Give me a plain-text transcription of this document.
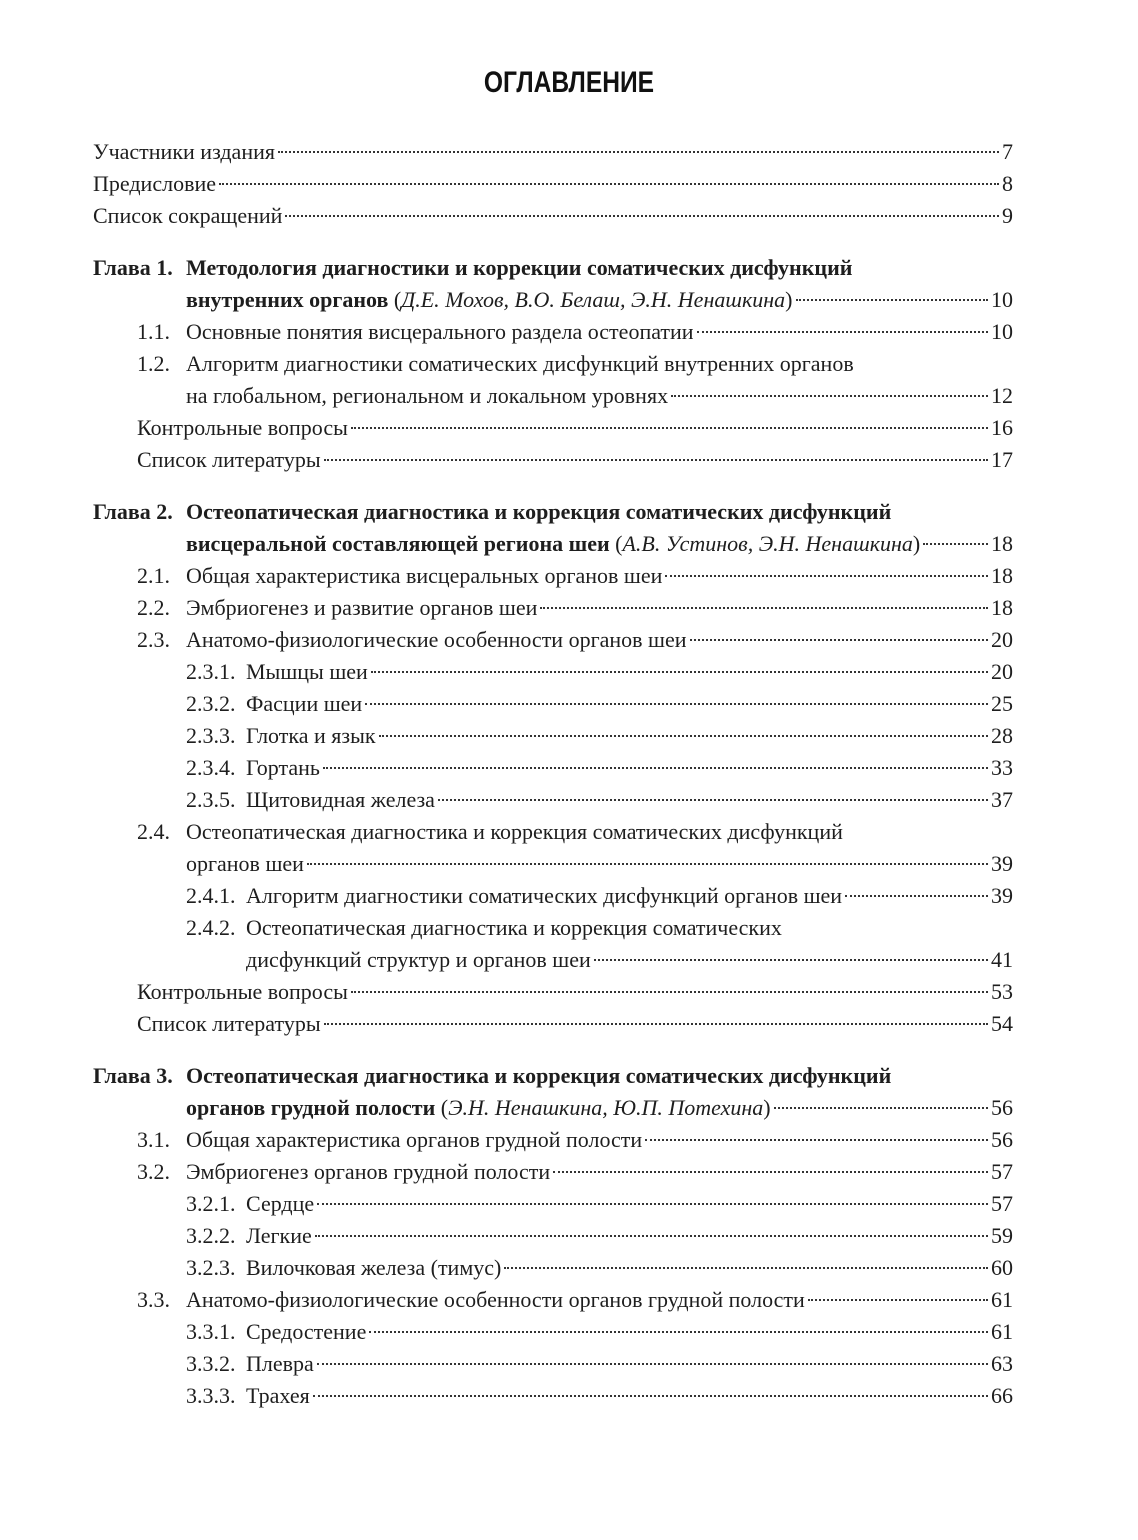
ОГЛАВЛЕНИЕ
Участники издания	7
Предисловие	8
Список сокращений	9
Глава 1. Методология диагностики и коррекции соматических дисфункций
внутренних органов ( Д.Е. Мохов, В.О. Белаш, Э.Н. Ненашкина )	10
1.1. Основные понятия висцерального раздела остеопатии	10
1.2. Алгоритм диагностики соматических дисфункций внутренних органов
на глобальном, региональном и локальном уровнях	12
Контрольные вопросы	16
Список литературы	17
Глава 2. Остеопатическая диагностика и коррекция соматических дисфункций
висцеральной составляющей региона шеи ( А.В. Устинов, Э.Н. Ненашкина )	18
2.1. Общая характеристика висцеральных органов шеи	18
2.2. Эмбриогенез и развитие органов шеи	18
2.3. Анатомо-физиологические особенности органов шеи	20
2.3.1. Мышцы шеи	20
2.3.2. Фасции шеи	25
2.3.3. Глотка и язык	28
2.3.4. Гортань	33
2.3.5. Щитовидная железа	37
2.4. Остеопатическая диагностика и коррекция соматических дисфункций
органов шеи	39
2.4.1. Алгоритм диагностики соматических дисфункций органов шеи	39
2.4.2. Остеопатическая диагностика и коррекция соматических
дисфункций структур и органов шеи	41
Контрольные вопросы	53
Список литературы	54
Глава 3. Остеопатическая диагностика и коррекция соматических дисфункций
органов грудной полости ( Э.Н. Ненашкина, Ю.П. Потехина )	56
3.1. Общая характеристика органов грудной полости	56
3.2. Эмбриогенез органов грудной полости	57
3.2.1. Сердце	57
3.2.2. Легкие	59
3.2.3. Вилочковая железа (тимус)	60
3.3. Анатомо-физиологические особенности органов грудной полости	61
3.3.1. Средостение	61
3.3.2. Плевра	63
3.3.3. Трахея	66
